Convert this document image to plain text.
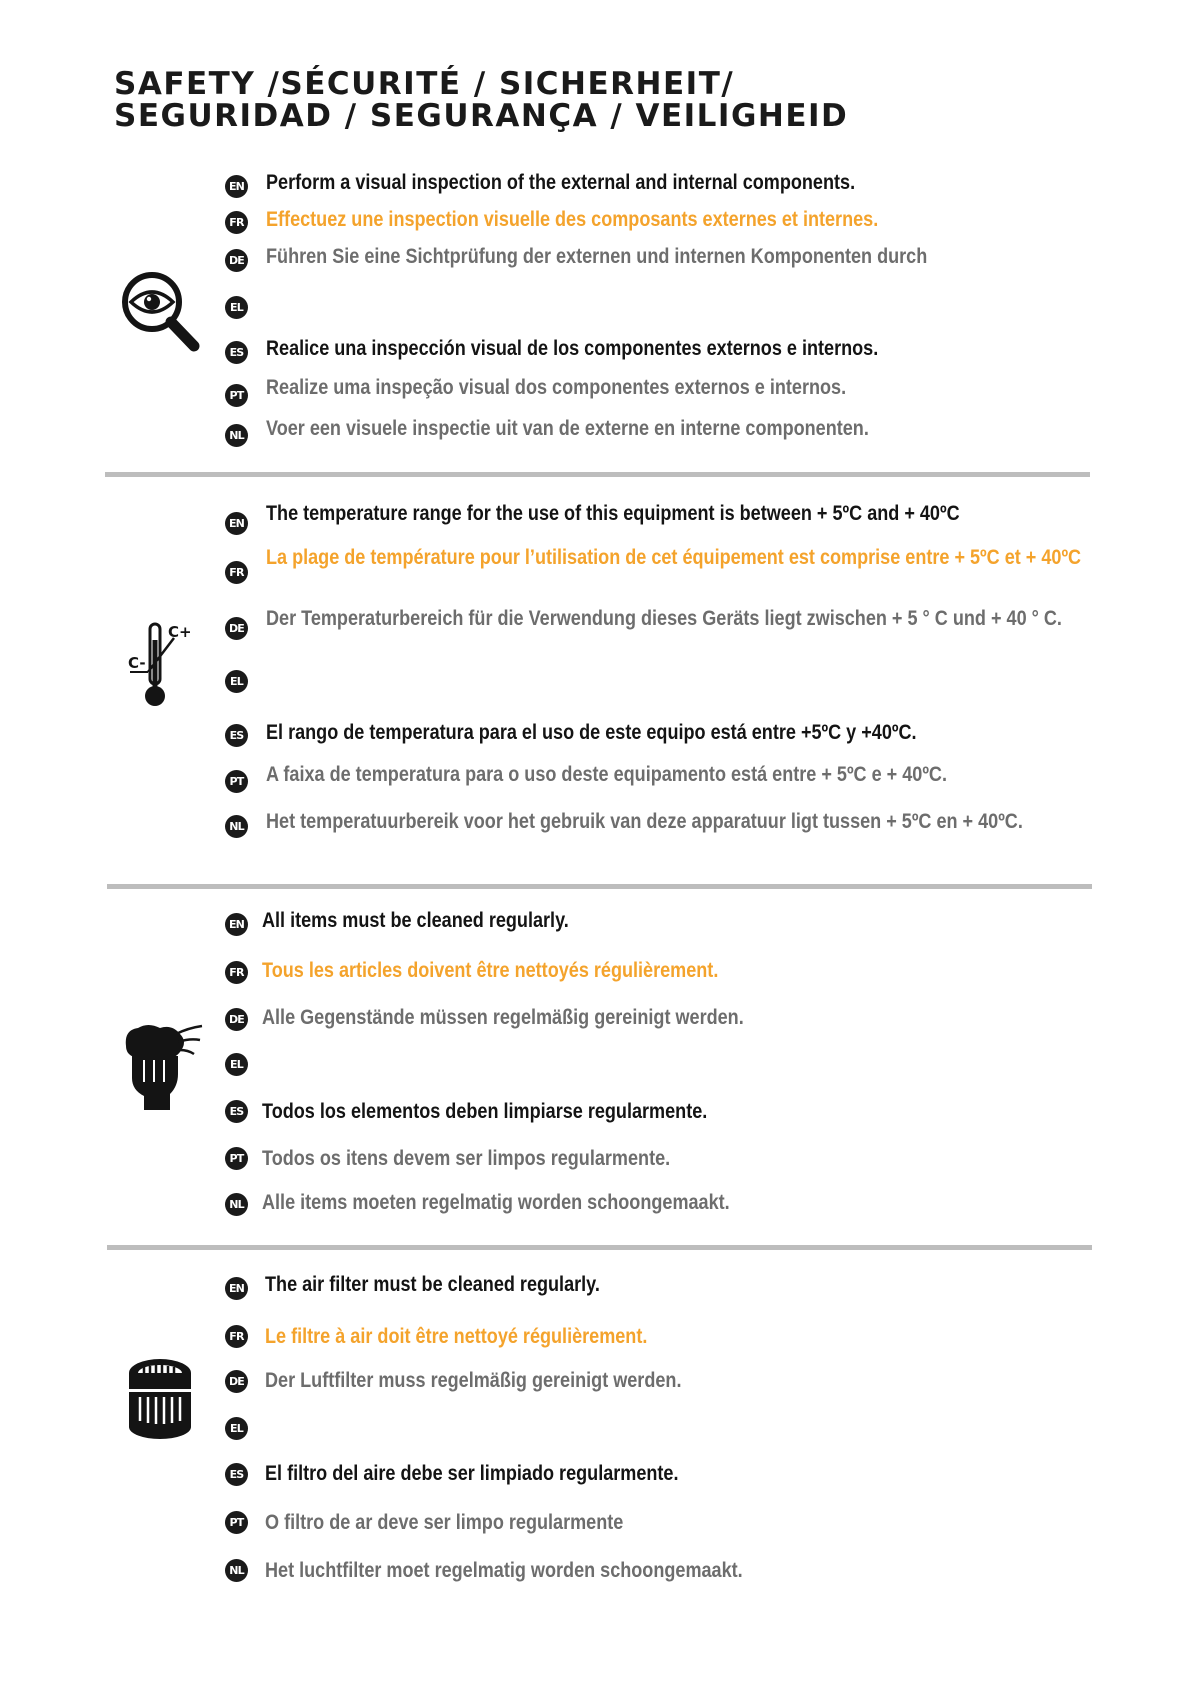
SAFETY /SÉCURITÉ / SICHERHEIT/
SEGURIDAD / SEGURANÇA / VEILIGHEID
EN Perform a visual inspection of the external and internal components.
FR Effectuez une inspection visuelle des composants externes et internes.
DE Führen Sie eine Sichtprüfung der externen und internen Komponenten durch
EL
ES Realice una inspección visual de los componentes externos e internos.
PT Realize uma inspeção visual dos componentes externos e internos.
NL Voer een visuele inspectie uit van de externe en interne componenten.
C+
C-
EN The temperature range for the use of this equipment is between + 5ºC and + 40ºC
FR
La plage de température pour l’utilisation de cet équipement est comprise entre + 5ºC et + 40ºC
DE Der Temperaturbereich für die Verwendung dieses Geräts liegt zwischen + 5 ° C und + 40 ° C.
EL
ES El rango de temperatura para el uso de este equipo está entre +5ºC y +40ºC.
PT A faixa de temperatura para o uso deste equipamento está entre + 5ºC e + 40ºC.
NL Het temperatuurbereik voor het gebruik van deze apparatuur ligt tussen + 5ºC en + 40ºC.
EN All items must be cleaned regularly.
FR Tous les articles doivent être nettoyés régulièrement.
DE Alle Gegenstände müssen regelmäßig gereinigt werden.
EL
ES Todos los elementos deben limpiarse regularmente.
PT Todos os itens devem ser limpos regularmente.
NL Alle items moeten regelmatig worden schoongemaakt.
EN The air filter must be cleaned regularly.
FR Le filtre à air doit être nettoyé régulièrement.
DE Der Luftfilter muss regelmäßig gereinigt werden.
EL
ES El filtro del aire debe ser limpiado regularmente.
PT O filtro de ar deve ser limpo regularmente
NL Het luchtfilter moet regelmatig worden schoongemaakt.
